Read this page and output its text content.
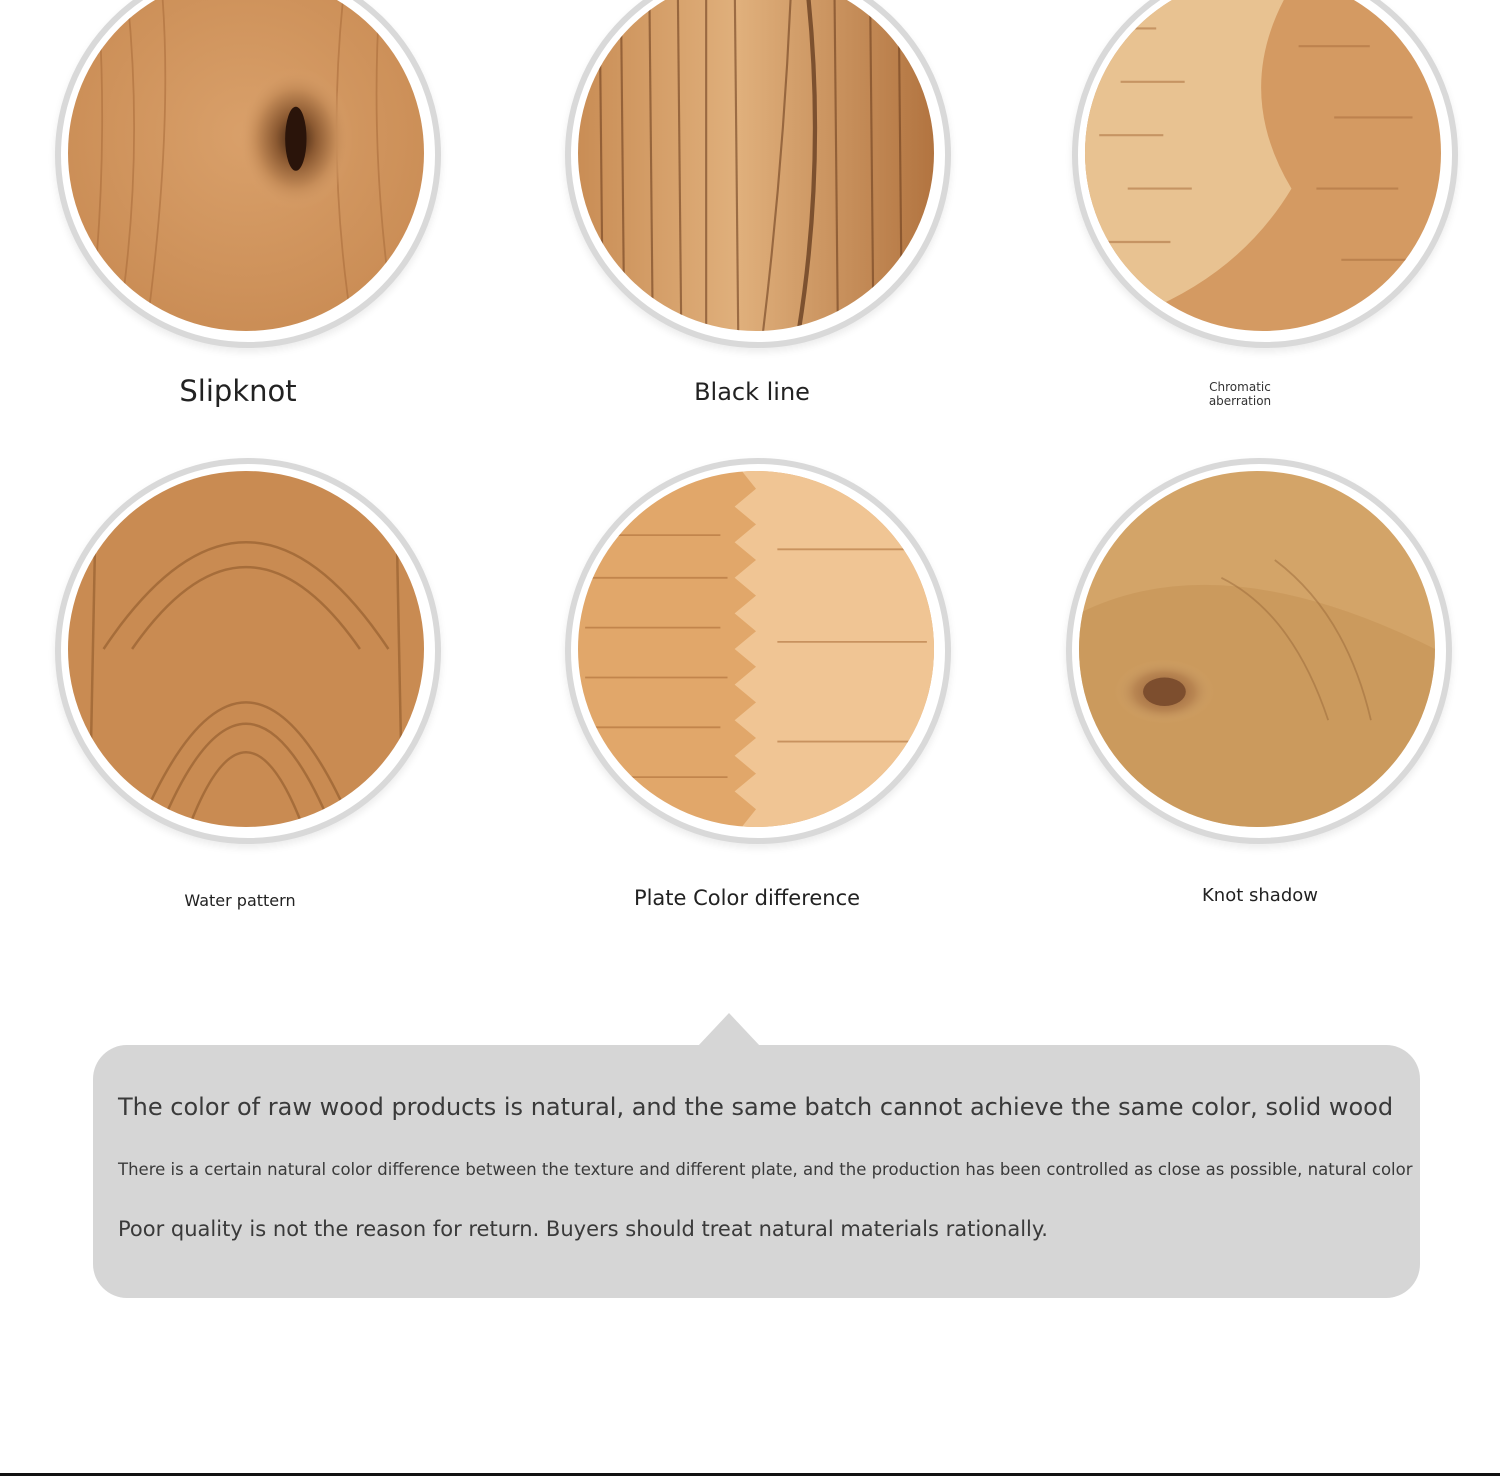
Slipknot	Black line	Chromatic
aberration
Water pattern	Plate Color difference	Knot shadow
The color of raw wood products is natural, and the same batch cannot achieve the same color, solid wood
There is a certain natural color difference between the texture and different plate, and the production has been controlled as close as possible, natural color
Poor quality is not the reason for return. Buyers should treat natural materials rationally.
